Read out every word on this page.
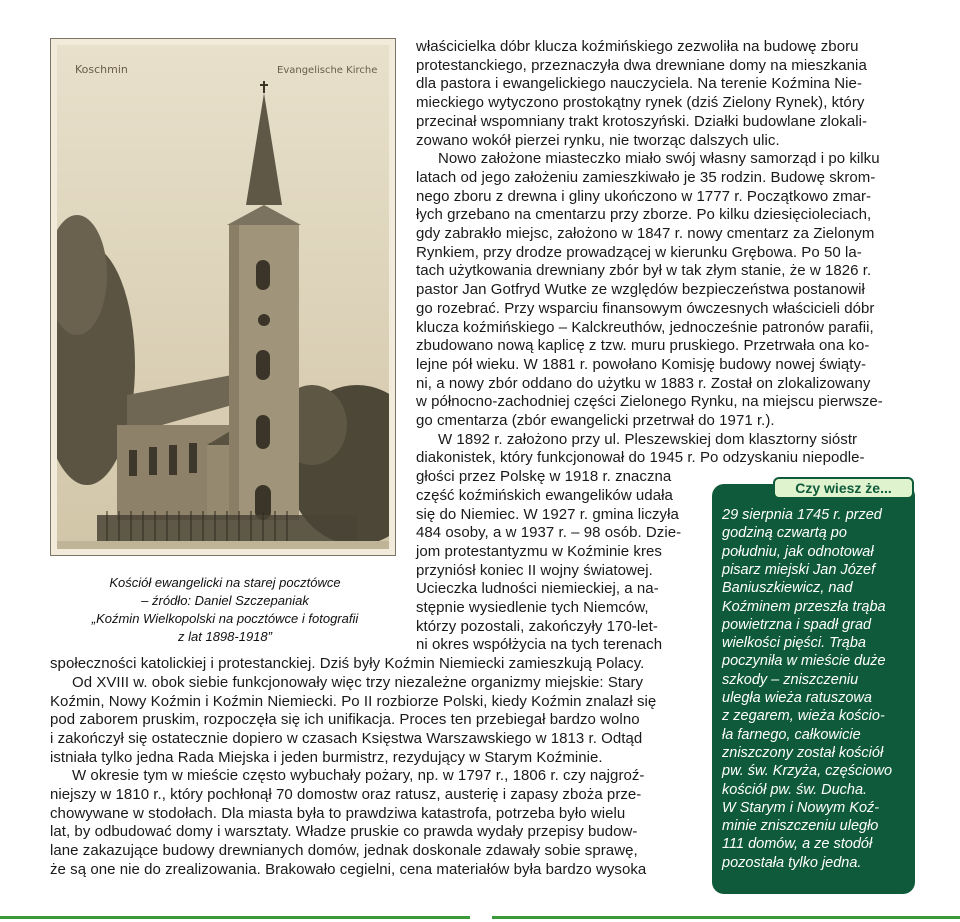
Koschmin	Evangelische Kirche
Kościół ewangelicki na starej pocztówce
– źródło: Daniel Szczepaniak
„Koźmin Wielkopolski na pocztówce i fotografii
z lat 1898-1918”
właścicielka dóbr klucza koźmińskiego zezwoliła na budowę zboru
protestanckiego, przeznaczyła dwa drewniane domy na mieszkania
dla pastora i ewangelickiego nauczyciela. Na terenie Koźmina Nie-
mieckiego wytyczono prostokątny rynek (dziś Zielony Rynek), który
przecinał wspomniany trakt krotoszyński. Działki budowlane zlokali-
zowano wokół pierzei rynku, nie tworząc dalszych ulic.
Nowo założone miasteczko miało swój własny samorząd i po kilku
latach od jego założeniu zamieszkiwało je 35 rodzin. Budowę skrom-
nego zboru z drewna i gliny ukończono w 1777 r. Początkowo zmar-
łych grzebano na cmentarzu przy zborze. Po kilku dziesięcioleciach,
gdy zabrakło miejsc, założono w 1847 r. nowy cmentarz za Zielonym
Rynkiem, przy drodze prowadzącej w kierunku Grębowa. Po 50 la-
tach użytkowania drewniany zbór był w tak złym stanie, że w 1826 r.
pastor Jan Gotfryd Wutke ze względów bezpieczeństwa postanowił
go rozebrać. Przy wsparciu finansowym ówczesnych właścicieli dóbr
klucza koźmińskiego – Kalckreuthów, jednocześnie patronów parafii,
zbudowano nową kaplicę z tzw. muru pruskiego. Przetrwała ona ko-
lejne pół wieku. W 1881 r. powołano Komisję budowy nowej świąty-
ni, a nowy zbór oddano do użytku w 1883 r. Został on zlokalizowany
w północno-zachodniej części Zielonego Rynku, na miejscu pierwsze-
go cmentarza (zbór ewangelicki przetrwał do 1971 r.).
W 1892 r. założono przy ul. Pleszewskiej dom klasztorny sióstr
diakonistek, który funkcjonował do 1945 r. Po odzyskaniu niepodle-
głości przez Polskę w 1918 r. znaczna
część koźmińskich ewangelików udała
się do Niemiec. W 1927 r. gmina liczyła
484 osoby, a w 1937 r. – 98 osób. Dzie-
jom protestantyzmu w Koźminie kres
przyniósł koniec II wojny światowej.
Ucieczka ludności niemieckiej, a na-
stępnie wysiedlenie tych Niemców,
którzy pozostali, zakończyły 170-let-
ni okres współżycia na tych terenach
społeczności katolickiej i protestanckiej. Dziś były Koźmin Niemiecki zamieszkują Polacy.
Od XVIII w. obok siebie funkcjonowały więc trzy niezależne organizmy miejskie: Stary
Koźmin, Nowy Koźmin i Koźmin Niemiecki. Po II rozbiorze Polski, kiedy Koźmin znalazł się
pod zaborem pruskim, rozpoczęła się ich unifikacja. Proces ten przebiegał bardzo wolno
i zakończył się ostatecznie dopiero w czasach Księstwa Warszawskiego w 1813 r. Odtąd
istniała tylko jedna Rada Miejska i jeden burmistrz, rezydujący w Starym Koźminie.
W okresie tym w mieście często wybuchały pożary, np. w 1797 r., 1806 r. czy najgroź-
niejszy w 1810 r., który pochłonął 70 domostw oraz ratusz, austerię i zapasy zboża prze-
chowywane w stodołach. Dla miasta była to prawdziwa katastrofa, potrzeba było wielu
lat, by odbudować domy i warsztaty. Władze pruskie co prawda wydały przepisy budow-
lane zakazujące budowy drewnianych domów, jednak doskonale zdawały sobie sprawę,
że są one nie do zrealizowania. Brakowało cegielni, cena materiałów była bardzo wysoka
Czy wiesz że...
29 sierpnia 1745 r. przed
godziną czwartą po
południu, jak odnotował
pisarz miejski Jan Józef
Baniuszkiewicz, nad
Koźminem przeszła trąba
powietrzna i spadł grad
wielkości pięści. Trąba
poczyniła w mieście duże
szkody – zniszczeniu
uległa wieża ratuszowa
z zegarem, wieża kościo-
ła farnego, całkowicie
zniszczony został kościół
pw. św. Krzyża, częściowo
kościół pw. św. Ducha.
W Starym i Nowym Koź-
minie zniszczeniu uległo
111 domów, a ze stodół
pozostała tylko jedna.
